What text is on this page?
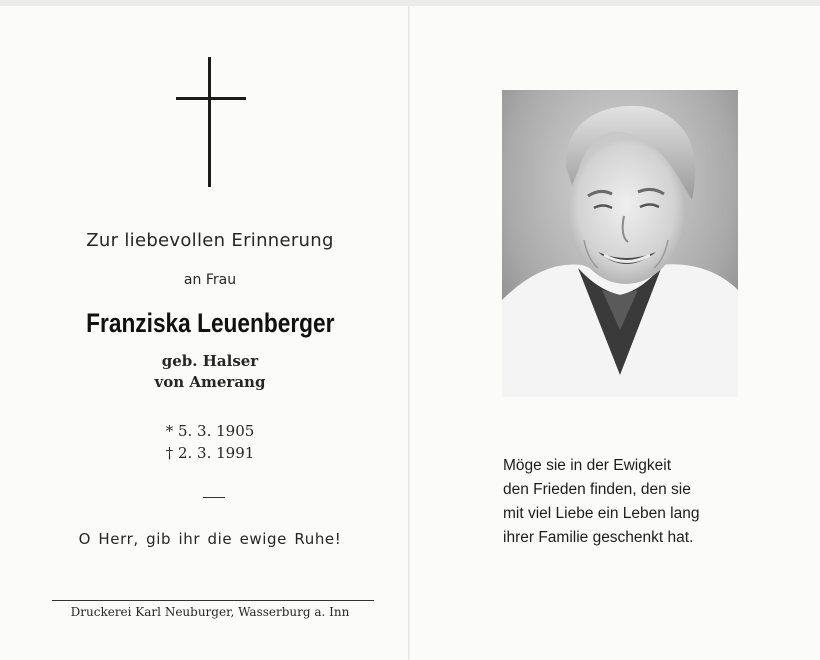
Zur liebevollen Erinnerung
an Frau
Franziska Leuenberger
geb. Halser
von Amerang
* 5. 3. 1905
† 2. 3. 1991
O Herr, gib ihr die ewige Ruhe!
Druckerei Karl Neuburger, Wasserburg a. Inn
Möge sie in der Ewigkeit
den Frieden finden, den sie
mit viel Liebe ein Leben lang
ihrer Familie geschenkt hat.
